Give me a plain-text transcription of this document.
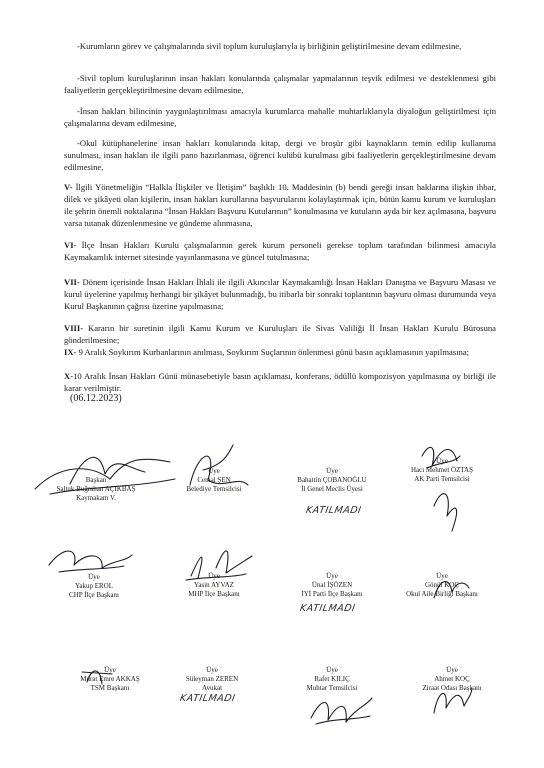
-Kurumların görev ve çalışmalarında sivil toplum kuruluşlarıyla iş birliğinin geliştirilmesine devam edilmesine,
-Sivil toplum kuruluşlarının insan hakları konularında çalışmalar yapmalarının teşvik edilmesi ve desteklenmesi gibi faaliyetlerin gerçekleştirilmesine devam edilmesine,
-İnsan hakları bilincinin yaygınlaştırılması amacıyla kurumlarca mahalle muhtarlıklarıyla diyaloğun geliştirilmesi için çalışmalarına devam edilmesine,
-Okul kütüphanelerine insan hakları konularında kitap, dergi ve broşür gibi kaynakların temin edilip kullanıma sunulması, insan hakları ile ilgili pano hazırlanması, öğrenci kulübü kurulması gibi faaliyetlerin gerçekleştirilmesine devam edilmesine,
V- İlgili Yönetmeliğin “Halkla İlişkiler ve İletişim” başlıklı 10. Maddesinin (b) bendi gereği insan haklarına ilişkin ihbar, dilek ve şikâyeti olan kişilerin, insan hakları kurullarına başvurularını kolaylaştırmak için, bütün kamu kurum ve kuruluşları ile şehrin önemli noktalarına “İnsan Hakları Başvuru Kutularının” konulmasına ve kutuların ayda bir kez açılmasına, başvuru varsa tutanak düzenlenmesine ve gündeme alınmasına,
VI- İlçe İnsan Hakları Kurulu çalışmalarının gerek kurum personeli gerekse toplum tarafından bilinmesi amacıyla Kaymakamlık internet sitesinde yayınlanmasına ve güncel tutulmasına;
VII- Dönem içerisinde İnsan Hakları İhlali ile ilgili Akıncılar Kaymakamlığı İnsan Hakları Danışma ve Başvuru Masası ve kurul üyelerine yapılmış herhangi bir şikâyet bulunmadığı, bu itibarla bir sonraki toplantının başvuru olması durumunda veya Kurul Başkanının çağrısı üzerine yapılmasına;
VIII- Kararın bir suretinin ilgili Kamu Kurum ve Kuruluşları ile Sivas Valiliği İl İnsan Hakları Kurulu Bürosuna gönderilmesine;
IX- 9 Aralık Soykırım Kurbanlarının anılması, Soykırım Suçlarının önlenmesi günü basın açıklamasının yapılmasına;
X-10 Aralık İnsan Hakları Günü münasebetiyle basın açıklaması, konferans, ödüllü kompozisyon yapılmasına oy birliği ile karar verilmiştir.
(06.12.2023)
Başkan
Saltuk Buğrahan AÇIKBAŞ
Kaymakam V.
Üye
Cemal ŞEN
Belediye Temsilcisi
Üye
Bahattin ÇOBANOĞLU
İl Genel Meclis Üyesi
KATILMADI
Üye
Hacı Mehmet ÖZTAŞ
AK Parti Temsilcisi
Üye
Yakup EROL
CHP İlçe Başkanı
Üye
Yasin AYVAZ
MHP İlçe Başkanı
Üye
Ünal İŞÖZEN
İYİ Parti İlçe Başkanı
KATILMADI
Üye
Gönül KOÇ
Okul Aile Birliği Başkanı
Üye
Murat Emre AKKAŞ
TSM Başkanı
Üye
Süleyman ZEREN
Avukat
KATILMADI
Üye
Rafet KILIÇ
Muhtar Temsilcisi
Üye
Ahmet KOÇ
Ziraat Odası Başkanı
